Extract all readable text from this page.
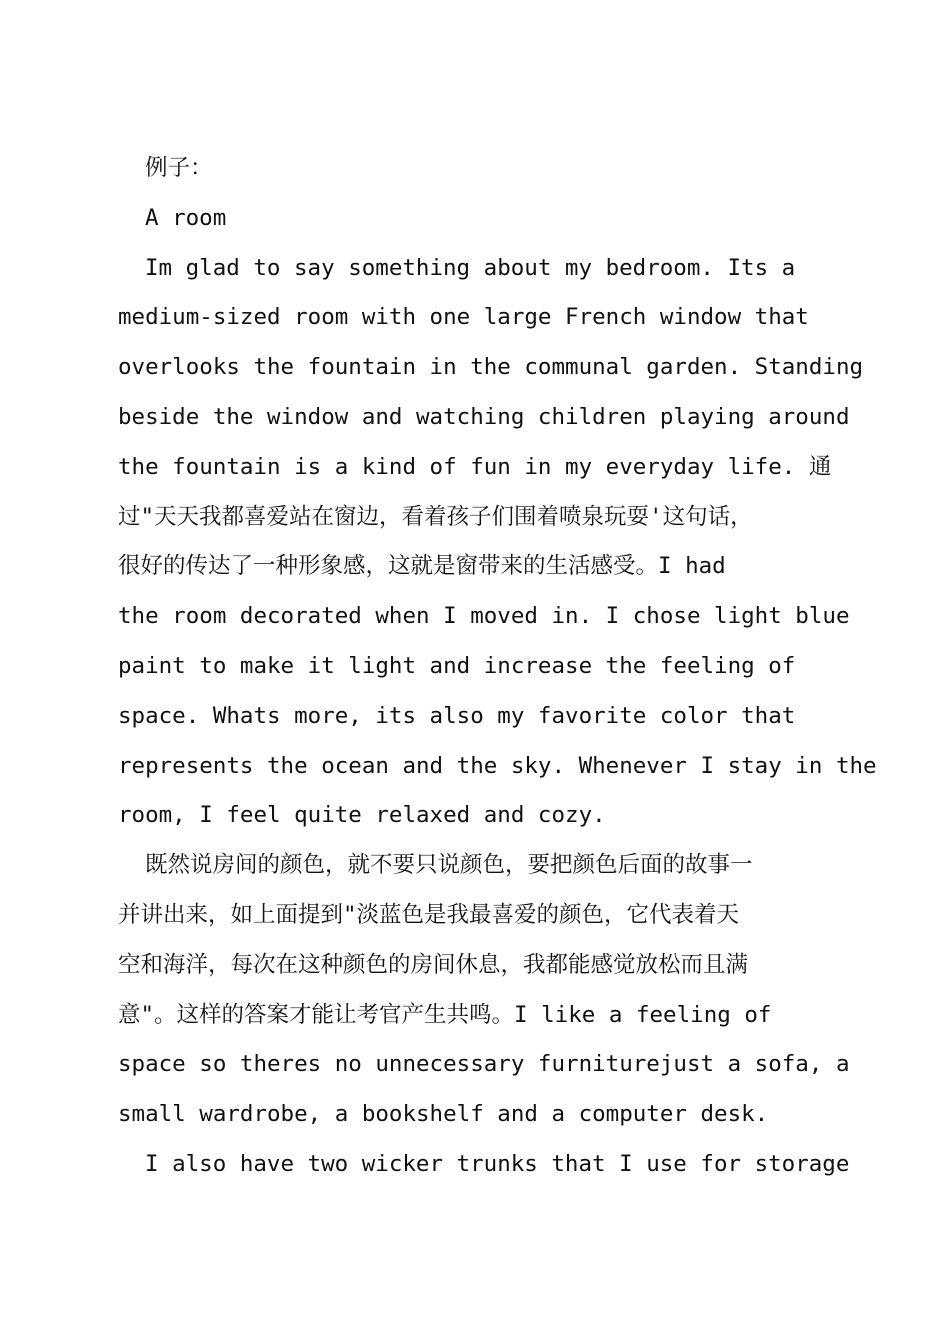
例子：
A room
Im glad to say something about my bedroom. Its a
medium-sized room with one large French window that
overlooks the fountain in the communal garden. Standing
beside the window and watching children playing around
the fountain is a kind of fun in my everyday life. 通
过"天天我都喜爱站在窗边，看着孩子们围着喷泉玩耍'这句话，
很好的传达了一种形象感，这就是窗带来的生活感受。I had
the room decorated when I moved in. I chose light blue
paint to make it light and increase the feeling of
space. Whats more, its also my favorite color that
represents the ocean and the sky. Whenever I stay in the
room, I feel quite relaxed and cozy.
既然说房间的颜色，就不要只说颜色，要把颜色后面的故事一
并讲出来，如上面提到"淡蓝色是我最喜爱的颜色，它代表着天
空和海洋，每次在这种颜色的房间休息，我都能感觉放松而且满
意"。这样的答案才能让考官产生共鸣。I like a feeling of
space so theres no unnecessary furniturejust a sofa, a
small wardrobe, a bookshelf and a computer desk.
I also have two wicker trunks that I use for storage
